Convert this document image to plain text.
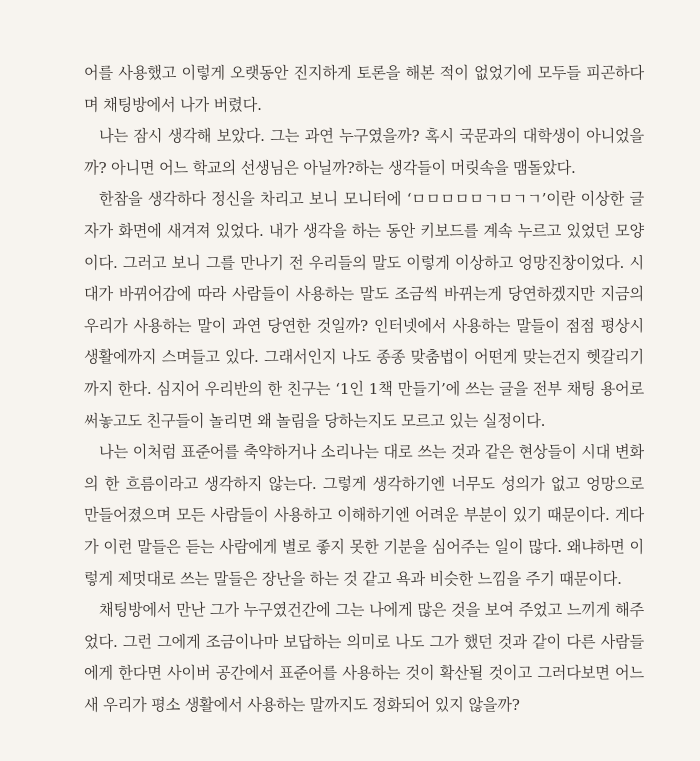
어를 사용했고 이렇게 오랫동안 진지하게 토론을 해본 적이 없었기에 모두들 피곤하다며 채팅방에서 나가 버렸다.

나는 잠시 생각해 보았다. 그는 과연 누구였을까? 혹시 국문과의 대학생이 아니었을까? 아니면 어느 학교의 선생님은 아닐까?하는 생각들이 머릿속을 맴돌았다.

한참을 생각하다 정신을 차리고 보니 모니터에 ‘ㅁㅁㅁㅁㅁㄱㅁㄱㄱ’이란 이상한 글자가 화면에 새겨져 있었다. 내가 생각을 하는 동안 키보드를 계속 누르고 있었던 모양이다. 그러고 보니 그를 만나기 전 우리들의 말도 이렇게 이상하고 엉망진창이었다. 시대가 바뀌어감에 따라 사람들이 사용하는 말도 조금씩 바뀌는게 당연하겠지만 지금의 우리가 사용하는 말이 과연 당연한 것일까? 인터넷에서 사용하는 말들이 점점 평상시 생활에까지 스며들고 있다. 그래서인지 나도 종종 맞춤법이 어떤게 맞는건지 헷갈리기까지 한다. 심지어 우리반의 한 친구는 ‘1인 1책 만들기’에 쓰는 글을 전부 채팅 용어로 써놓고도 친구들이 놀리면 왜 놀림을 당하는지도 모르고 있는 실정이다.

나는 이처럼 표준어를 축약하거나 소리나는 대로 쓰는 것과 같은 현상들이 시대 변화의 한 흐름이라고 생각하지 않는다. 그렇게 생각하기엔 너무도 성의가 없고 엉망으로 만들어졌으며 모든 사람들이 사용하고 이해하기엔 어려운 부분이 있기 때문이다. 게다가 이런 말들은 듣는 사람에게 별로 좋지 못한 기분을 심어주는 일이 많다. 왜냐하면 이렇게 제멋대로 쓰는 말들은 장난을 하는 것 같고 욕과 비슷한 느낌을 주기 때문이다.

채팅방에서 만난 그가 누구였건간에 그는 나에게 많은 것을 보여 주었고 느끼게 해주었다. 그런 그에게 조금이나마 보답하는 의미로 나도 그가 했던 것과 같이 다른 사람들에게 한다면 사이버 공간에서 표준어를 사용하는 것이 확산될 것이고 그러다보면 어느새 우리가 평소 생활에서 사용하는 말까지도 정화되어 있지 않을까?
